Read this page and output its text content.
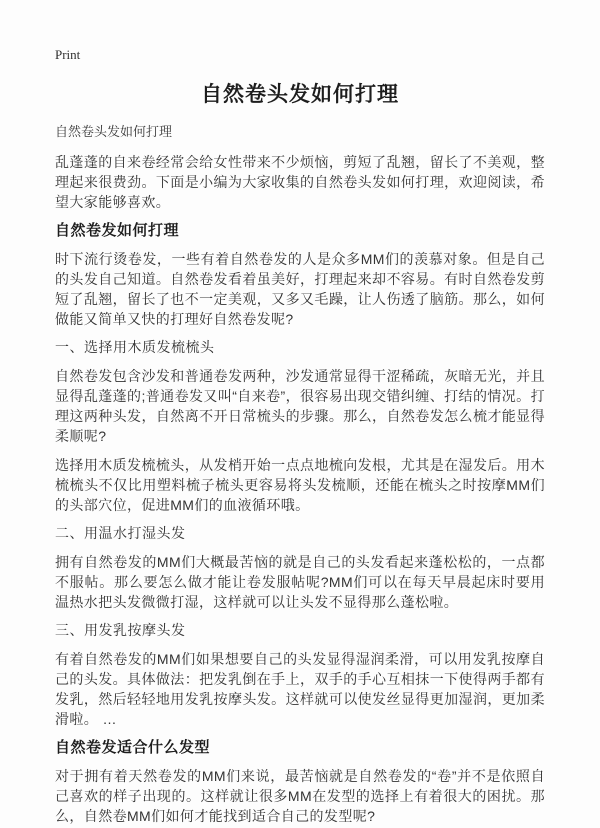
Print
自然卷头发如何打理
自然卷头发如何打理

乱蓬蓬的自来卷经常会给女性带来不少烦恼，剪短了乱翘，留长了不美观，整理起来很费劲。下面是小编为大家收集的自然卷头发如何打理，欢迎阅读，希望大家能够喜欢。

自然卷发如何打理

时下流行烫卷发，一些有着自然卷发的人是众多MM们的羡慕对象。但是自己的头发自己知道。自然卷发看着虽美好，打理起来却不容易。有时自然卷发剪短了乱翘，留长了也不一定美观，又多又毛躁，让人伤透了脑筋。那么，如何做能又简单又快的打理好自然卷发呢?

一、选择用木质发梳梳头

自然卷发包含沙发和普通卷发两种，沙发通常显得干涩稀疏，灰暗无光，并且显得乱蓬蓬的;普通卷发又叫“自来卷”，很容易出现交错纠缠、打结的情况。打理这两种头发，自然离不开日常梳头的步骤。那么，自然卷发怎么梳才能显得柔顺呢?

选择用木质发梳梳头，从发梢开始一点点地梳向发根，尤其是在湿发后。用木梳梳头不仅比用塑料梳子梳头更容易将头发梳顺，还能在梳头之时按摩MM们的头部穴位，促进MM们的血液循环哦。

二、用温水打湿头发

拥有自然卷发的MM们大概最苦恼的就是自己的头发看起来蓬松松的，一点都不服帖。那么要怎么做才能让卷发服帖呢?MM们可以在每天早晨起床时要用温热水把头发微微打湿，这样就可以让头发不显得那么蓬松啦。

三、用发乳按摩头发

有着自然卷发的MM们如果想要自己的头发显得湿润柔滑，可以用发乳按摩自己的头发。具体做法：把发乳倒在手上，双手的手心互相抹一下使得两手都有发乳，然后轻轻地用发乳按摩头发。这样就可以使发丝显得更加湿润，更加柔滑啦。 …

自然卷发适合什么发型

对于拥有着天然卷发的MM们来说，最苦恼就是自然卷发的“卷”并不是依照自己喜欢的样子出现的。这样就让很多MM在发型的选择上有着很大的困扰。那么，自然卷MM们如何才能找到适合自己的发型呢?
